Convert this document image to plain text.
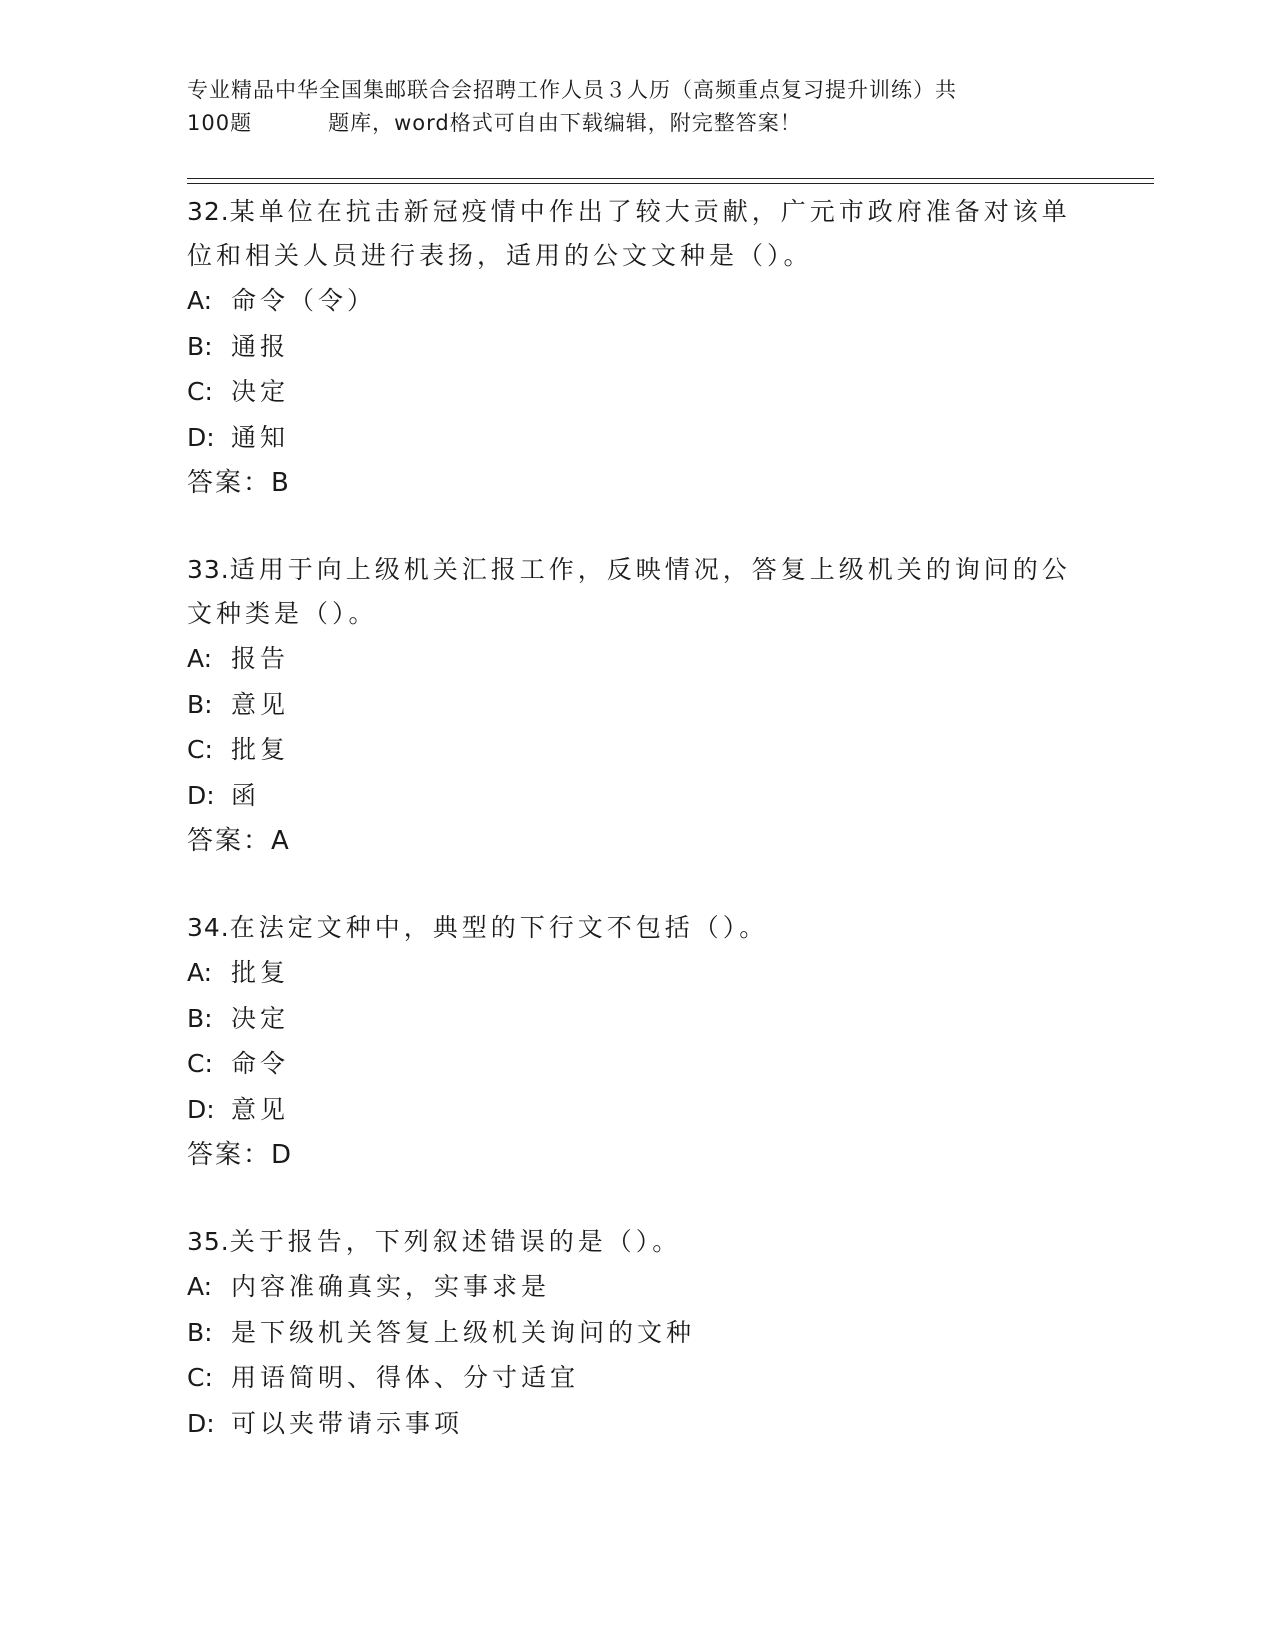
专业精品中华全国集邮联合会招聘工作人员３人历（高频重点复习提升训练）共
100题	题库，word格式可自由下载编辑，附完整答案！
32.某单位在抗击新冠疫情中作出了较大贡献，广元市政府准备对该单位和相关人员进行表扬，适用的公文文种是（）。
A: 命令（令）
B: 通报
C: 决定
D: 通知
答案：B
33.适用于向上级机关汇报工作，反映情况，答复上级机关的询问的公文种类是（）。
A: 报告
B: 意见
C: 批复
D: 函
答案：A
34.在法定文种中，典型的下行文不包括（）。
A: 批复
B: 决定
C: 命令
D: 意见
答案：D
35.关于报告，下列叙述错误的是（）。
A: 内容准确真实，实事求是
B: 是下级机关答复上级机关询问的文种
C: 用语简明、得体、分寸适宜
D: 可以夹带请示事项
